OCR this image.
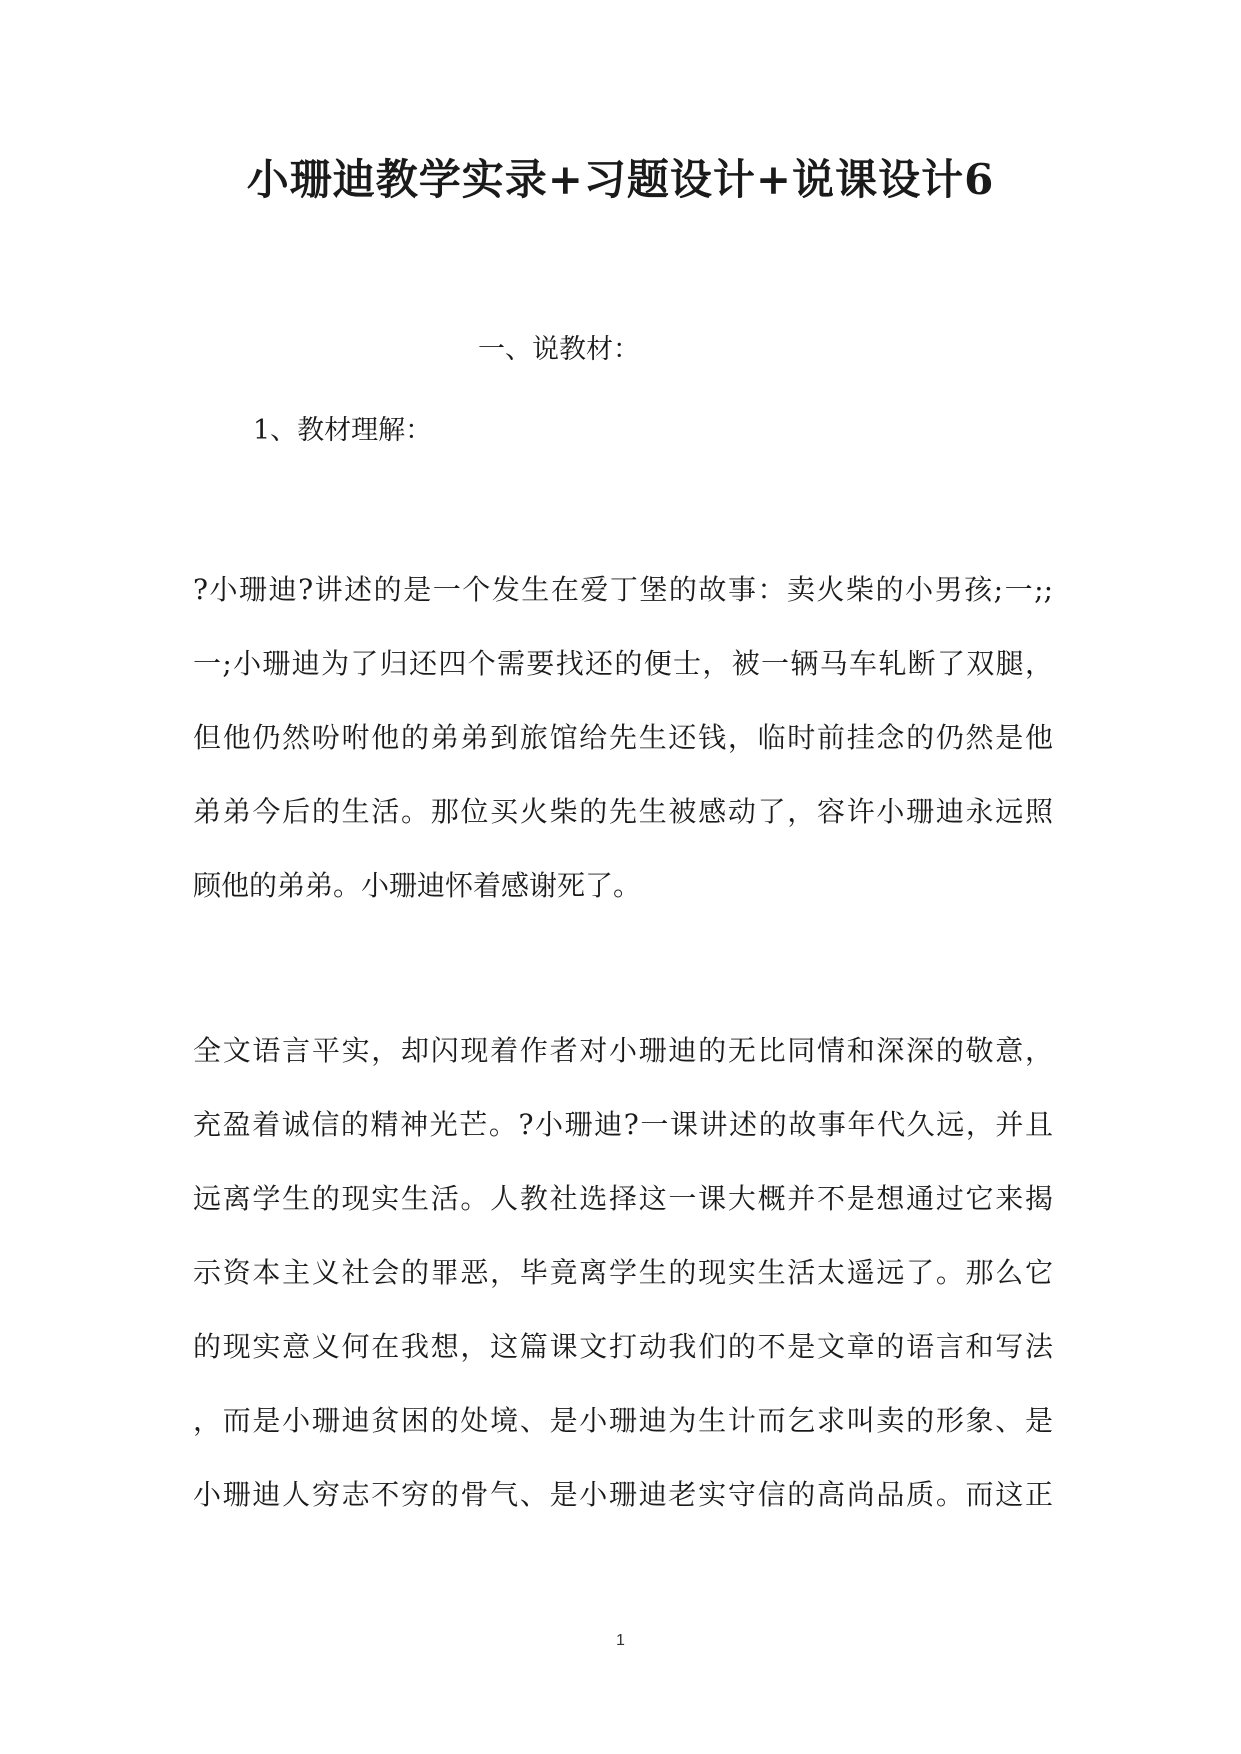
小珊迪教学实录+习题设计+说课设计6
一、说教材：
1、教材理解：
?小珊迪?讲述的是一个发生在爱丁堡的故事：卖火柴的小男孩;一;;
一;小珊迪为了归还四个需要找还的便士，被一辆马车轧断了双腿，
但他仍然吩咐他的弟弟到旅馆给先生还钱，临时前挂念的仍然是他
弟弟今后的生活。那位买火柴的先生被感动了，容许小珊迪永远照
顾他的弟弟。小珊迪怀着感谢死了。
全文语言平实，却闪现着作者对小珊迪的无比同情和深深的敬意，
充盈着诚信的精神光芒。?小珊迪?一课讲述的故事年代久远，并且
远离学生的现实生活。人教社选择这一课大概并不是想通过它来揭
示资本主义社会的罪恶，毕竟离学生的现实生活太遥远了。那么它
的现实意义何在我想，这篇课文打动我们的不是文章的语言和写法
，而是小珊迪贫困的处境、是小珊迪为生计而乞求叫卖的形象、是
小珊迪人穷志不穷的骨气、是小珊迪老实守信的高尚品质。而这正
1
